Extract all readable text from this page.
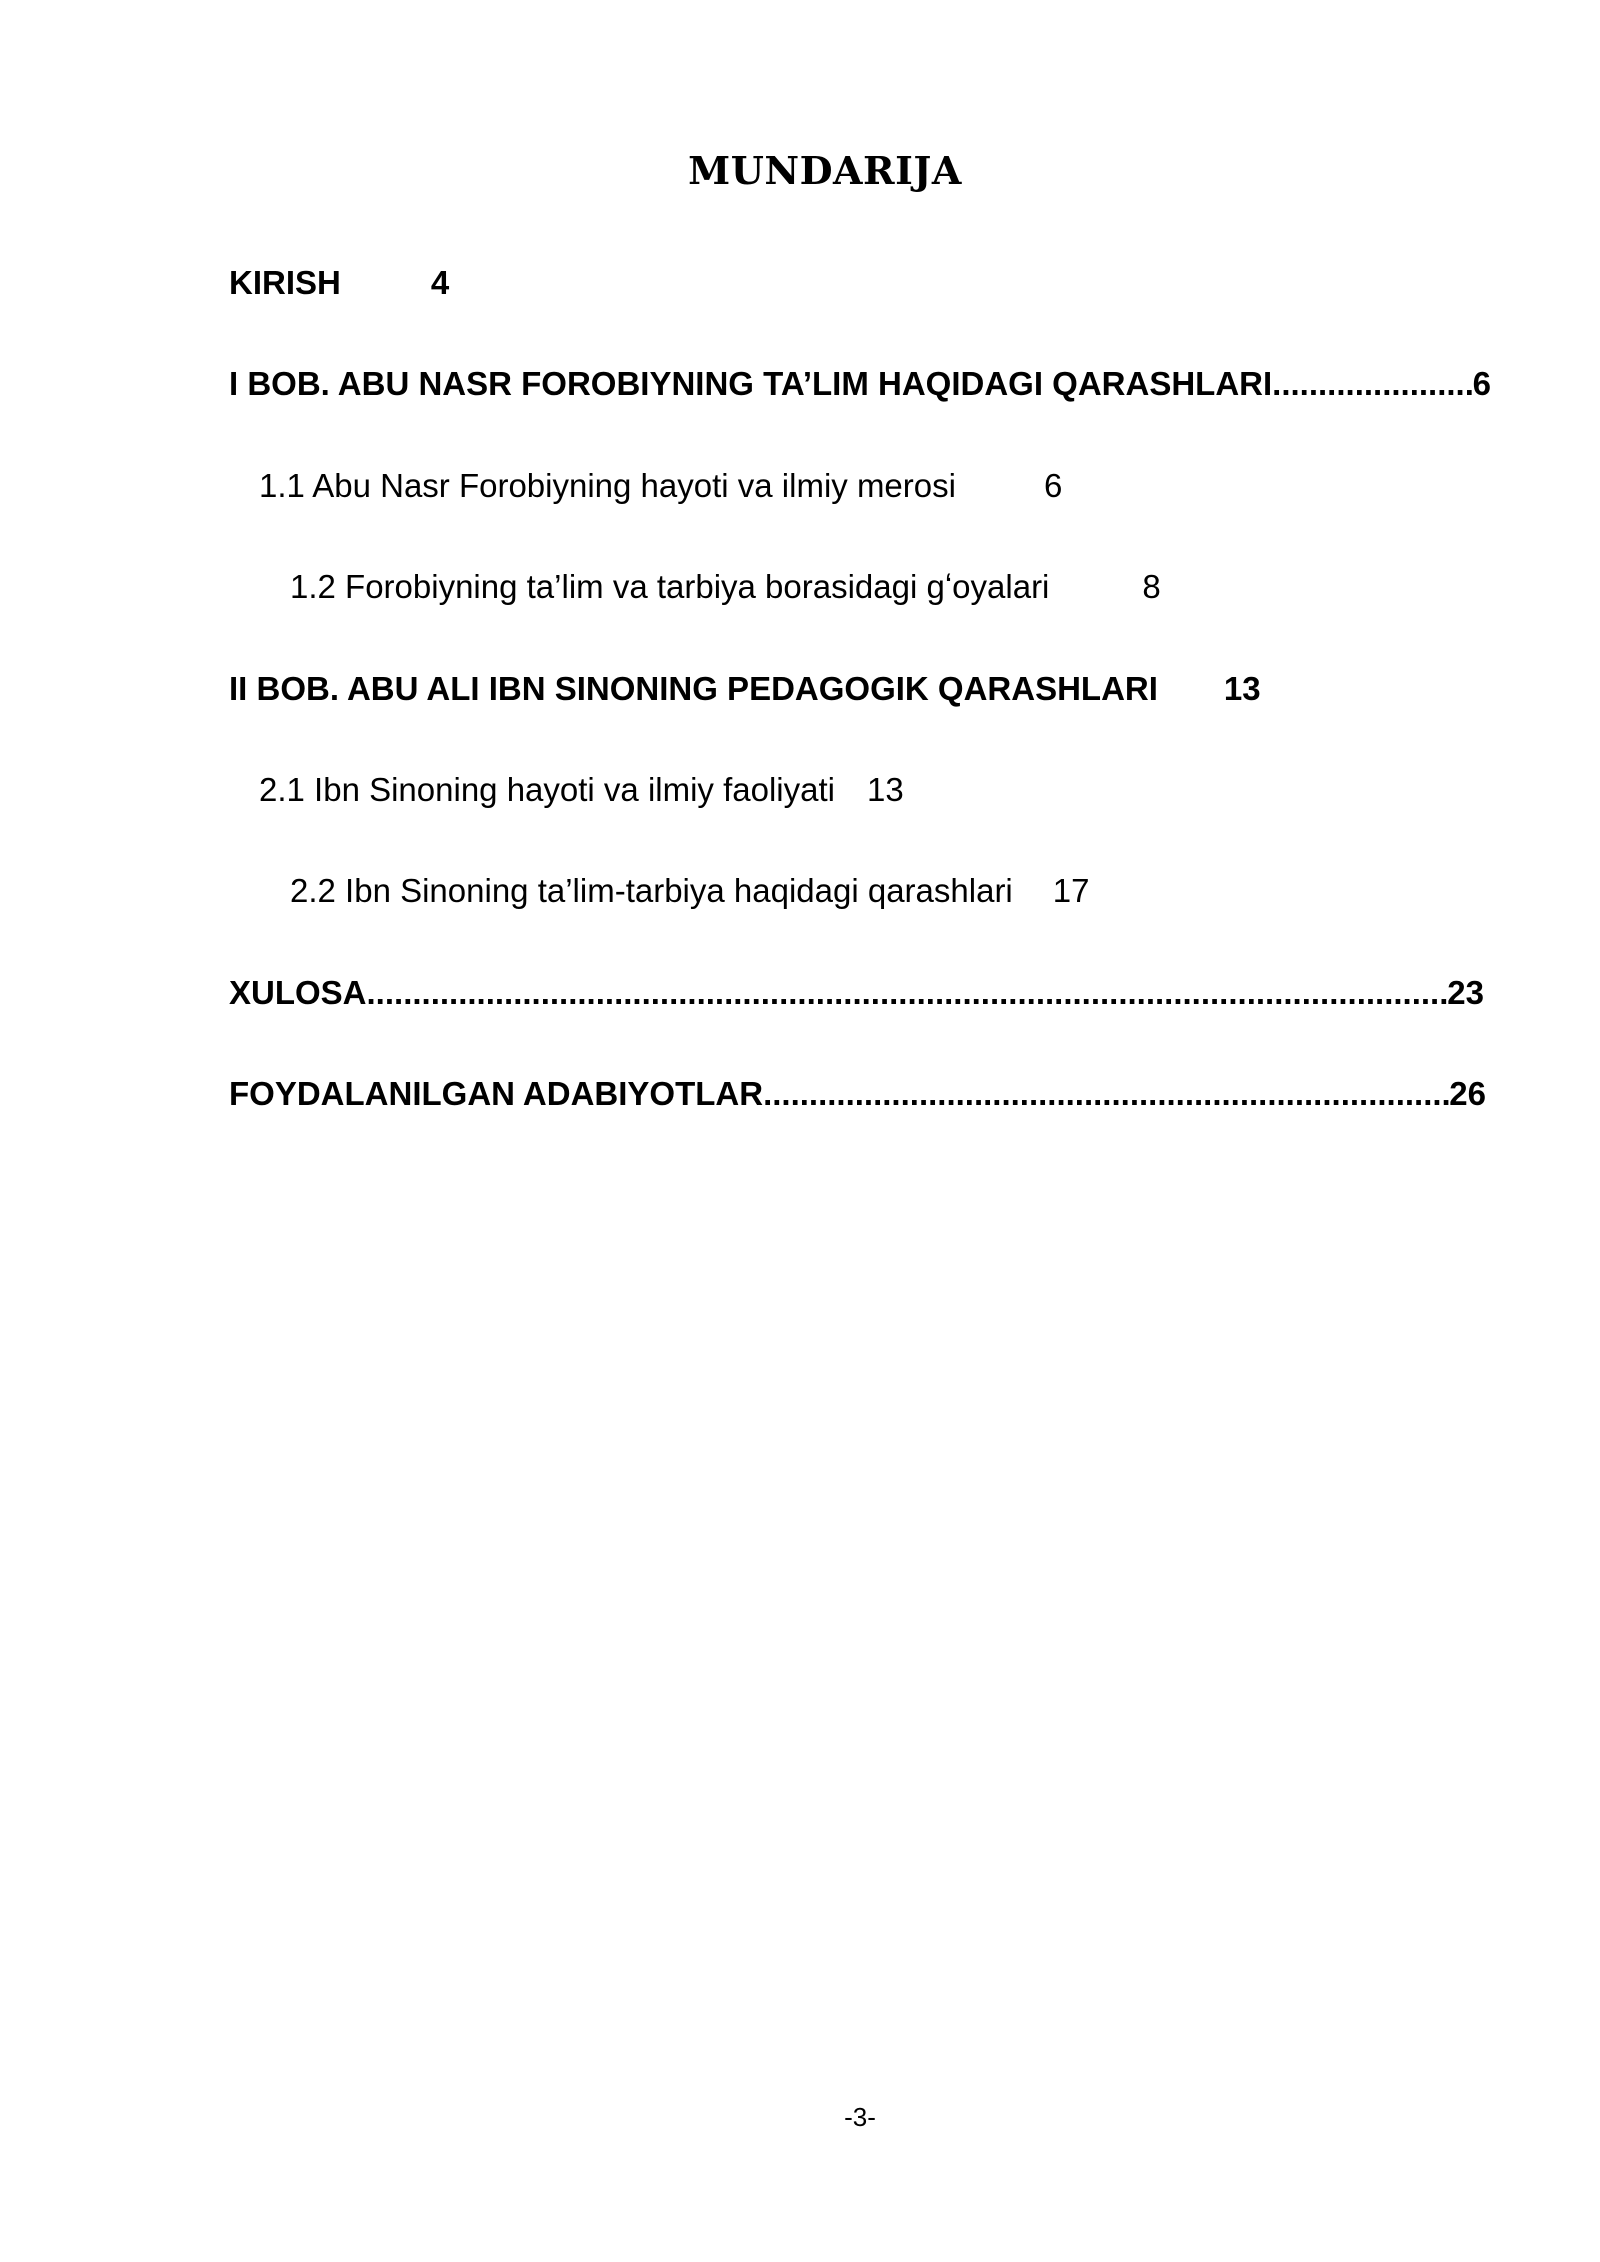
MUNDARIJA
KIRISH	4
I BOB. ABU NASR FOROBIYNING TA’LIM HAQIDAGI QARASHLARI .....	6
1.1 Abu Nasr Forobiyning hayoti va ilmiy merosi	6
1.2 Forobiyning ta’lim va tarbiya borasidagi gʻoyalari	8
II BOB. ABU ALI IBN SINONING PEDAGOGIK QARASHLARI 13
2.1 Ibn Sinoning hayoti va ilmiy faoliyati 13
2.2 Ibn Sinoning ta’lim-tarbiya haqidagi qarashlari 17
XULOSA .....	23
FOYDALANILGAN ADABIYOTLAR .....	26
-3-
